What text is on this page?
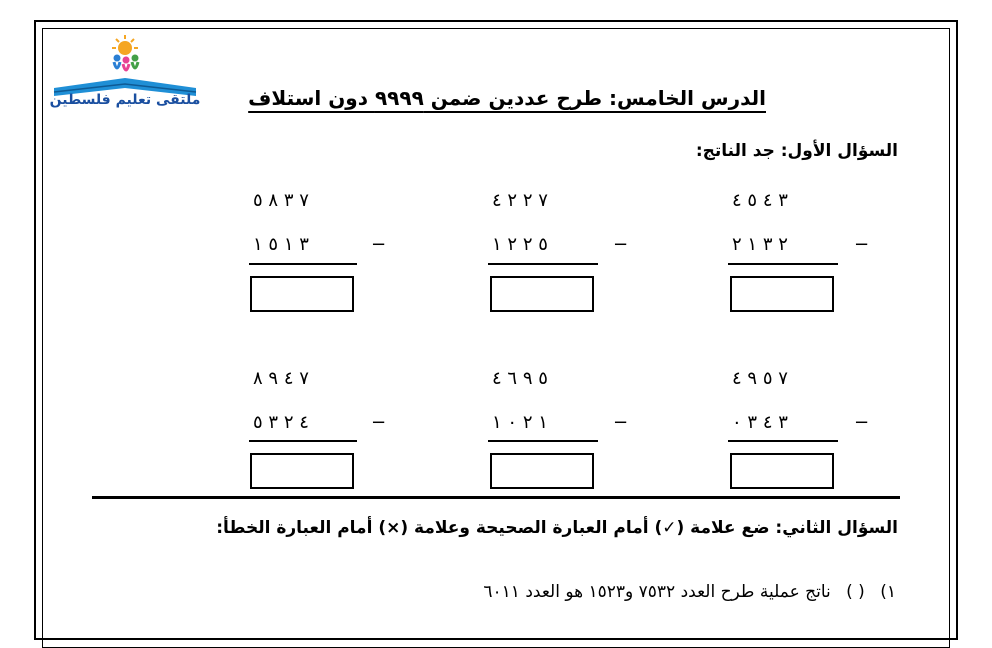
ملتقى تعليم فلسطين الدرس الخامس: طرح عددين ضمن ٩٩٩٩ دون استلاف
السؤال الأول: جد الناتج:
٧ ٣ ٨ ٥
٣ ١ ٥ ١	−
٧ ٢ ٢ ٤
٥ ٢ ٢ ١	−
٣ ٤ ٥ ٤
٢ ٣ ١ ٢	−
٧ ٤ ٩ ٨
٤ ٢ ٣ ٥	−
٥ ٩ ٦ ٤
١ ٢ ٠ ١	−
٧ ٥ ٩ ٤
٣ ٤ ٣ ٠	−
السؤال الثاني: ضع علامة (✓) أمام العبارة الصحيحة وعلامة (×) أمام العبارة الخطأ:
١) ( ) ناتج عملية طرح العدد ٧٥٣٢ و١٥٢٣ هو العدد ٦٠١١
